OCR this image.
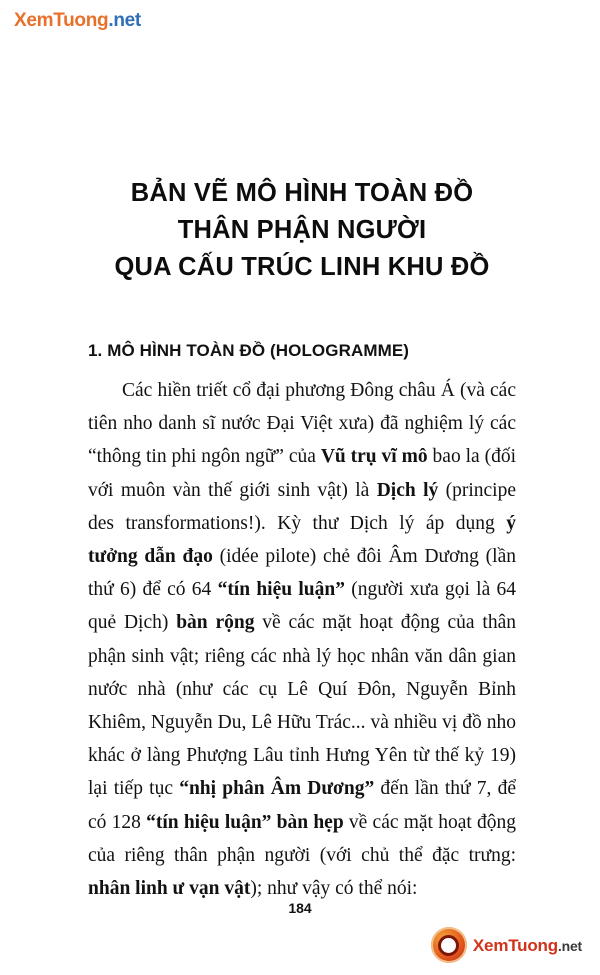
XemTuong.net
BẢN VẼ MÔ HÌNH TOÀN ĐỒ
THÂN PHẬN NGƯỜI
QUA CẤU TRÚC LINH KHU ĐỒ
1. MÔ HÌNH TOÀN ĐỒ (HOLOGRAMME)

Các hiền triết cổ đại phương Đông châu Á (và các tiên nho danh sĩ nước Đại Việt xưa) đã nghiệm lý các “thông tin phi ngôn ngữ” của Vũ trụ vĩ mô bao la (đối với muôn vàn thế giới sinh vật) là Dịch lý (principe des transformations!). Kỳ thư Dịch lý áp dụng ý tưởng dẫn đạo (idée pilote) chẻ đôi Âm Dương (lần thứ 6) để có 64 “tín hiệu luận” (người xưa gọi là 64 quẻ Dịch) bàn rộng về các mặt hoạt động của thân phận sinh vật; riêng các nhà lý học nhân văn dân gian nước nhà (như các cụ Lê Quí Đôn, Nguyễn Bỉnh Khiêm, Nguyễn Du, Lê Hữu Trác... và nhiều vị đồ nho khác ở làng Phượng Lâu tỉnh Hưng Yên từ thế kỷ 19) lại tiếp tục “nhị phân Âm Dương” đến lần thứ 7, để có 128 “tín hiệu luận” bàn hẹp về các mặt hoạt động của riêng thân phận người (với chủ thể đặc trưng: nhân linh ư vạn vật); như vậy có thể nói:

184
XemTuong.net
